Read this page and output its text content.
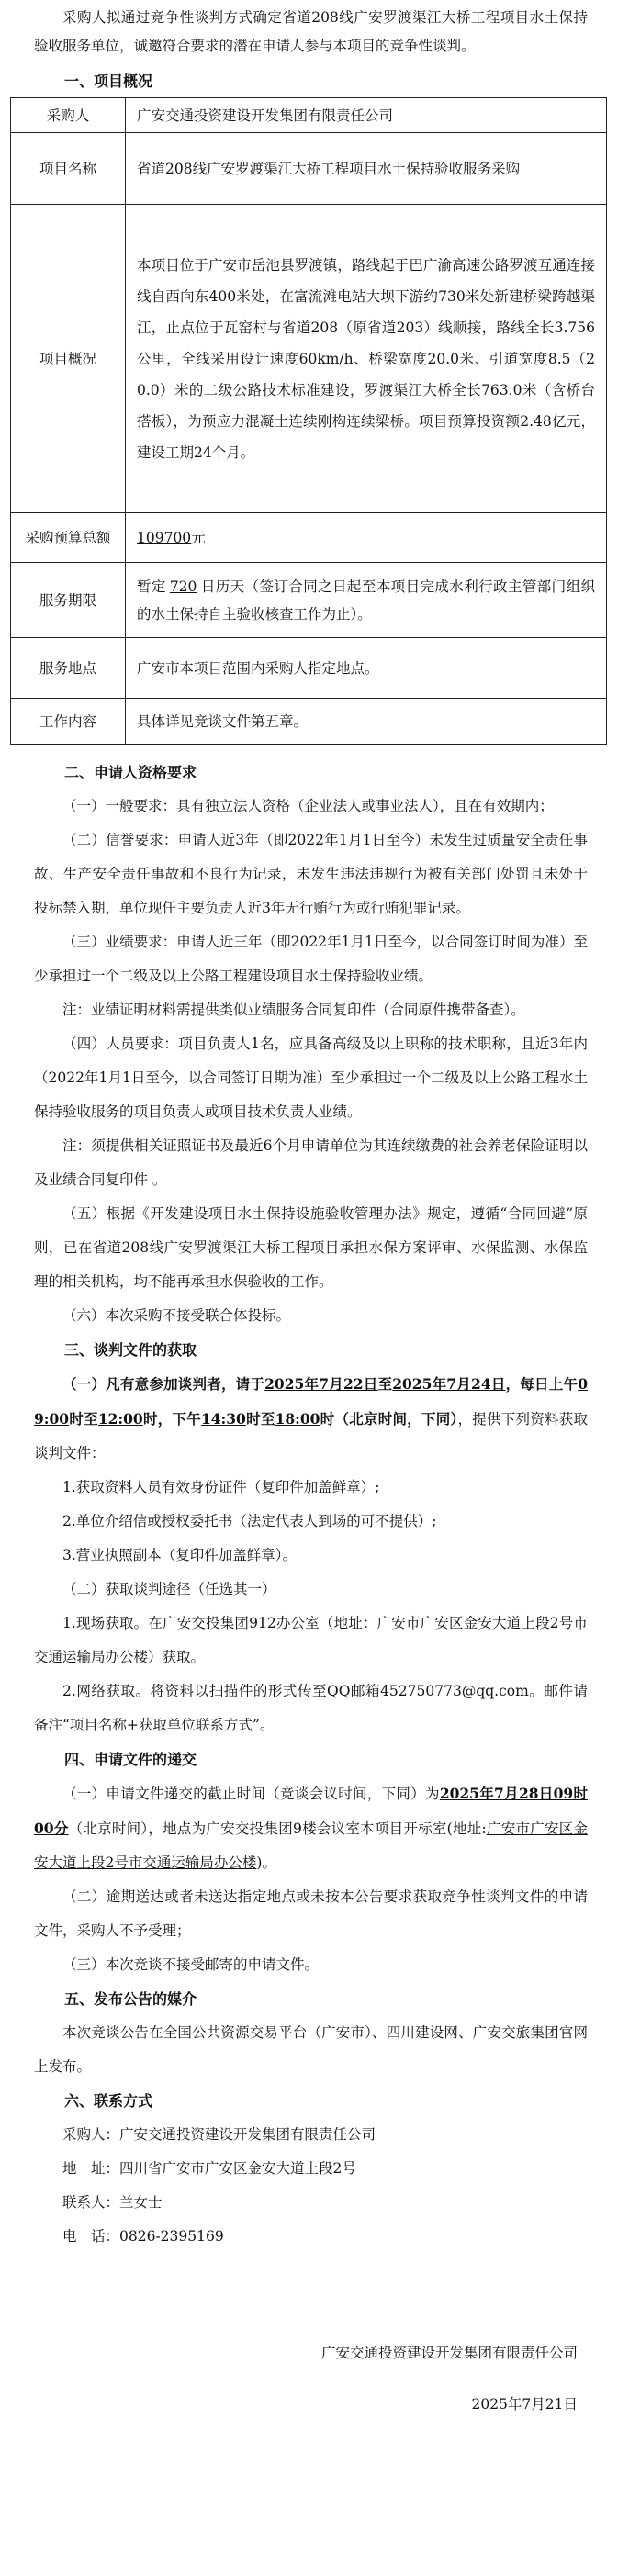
采购人拟通过竞争性谈判方式确定省道208线广安罗渡渠江大桥工程项目水土保持验收服务单位，诚邀符合要求的潜在申请人参与本项目的竞争性谈判。
一、项目概况
采购人	广安交通投资建设开发集团有限责任公司
项目名称	省道208线广安罗渡渠江大桥工程项目水土保持验收服务采购
项目概况	本项目位于广安市岳池县罗渡镇，路线起于巴广渝高速公路罗渡互通连接线自西向东400米处，在富流滩电站大坝下游约730米处新建桥梁跨越渠江，止点位于瓦窑村与省道208（原省道203）线顺接，路线全长3.756公里，全线采用设计速度60km/h、桥梁宽度20.0米、引道宽度8.5（20.0）米的二级公路技术标准建设，罗渡渠江大桥全长763.0米（含桥台搭板），为预应力混凝土连续刚构连续梁桥。项目预算投资额2.48亿元，建设工期24个月。
采购预算总额	109700元
服务期限	暂定 720 日历天（签订合同之日起至本项目完成水利行政主管部门组织的水土保持自主验收核查工作为止）。
服务地点	广安市本项目范围内采购人指定地点。
工作内容	具体详见竞谈文件第五章。
二、申请人资格要求
（一）一般要求：具有独立法人资格（企业法人或事业法人），且在有效期内；
（二）信誉要求：申请人近3年（即2022年1月1日至今）未发生过质量安全责任事故、生产安全责任事故和不良行为记录，未发生违法违规行为被有关部门处罚且未处于投标禁入期，单位现任主要负责人近3年无行贿行为或行贿犯罪记录。
（三）业绩要求：申请人近三年（即2022年1月1日至今，以合同签订时间为准）至少承担过一个二级及以上公路工程建设项目水土保持验收业绩。
注：业绩证明材料需提供类似业绩服务合同复印件（合同原件携带备查）。
（四）人员要求：项目负责人1名，应具备高级及以上职称的技术职称，且近3年内（2022年1月1日至今，以合同签订日期为准）至少承担过一个二级及以上公路工程水土保持验收服务的项目负责人或项目技术负责人业绩。
注：须提供相关证照证书及最近6个月申请单位为其连续缴费的社会养老保险证明以及业绩合同复印件 。
（五）根据《开发建设项目水土保持设施验收管理办法》规定，遵循“合同回避”原则，已在省道208线广安罗渡渠江大桥工程项目承担水保方案评审、水保监测、水保监理的相关机构，均不能再承担水保验收的工作。
（六）本次采购不接受联合体投标。
三、谈判文件的获取
（一）凡有意参加谈判者，请于2025年7月22日至2025年7月24日，每日上午09:00时至12:00时，下午14:30时至18:00时（北京时间，下同），提供下列资料获取谈判文件：
1.获取资料人员有效身份证件（复印件加盖鲜章）;
2.单位介绍信或授权委托书（法定代表人到场的可不提供）;
3.营业执照副本（复印件加盖鲜章）。
（二）获取谈判途径（任选其一）
1.现场获取。在广安交投集团912办公室（地址：广安市广安区金安大道上段2号市交通运输局办公楼）获取。
2.网络获取。将资料以扫描件的形式传至QQ邮箱452750773@qq.com。邮件请备注“项目名称+获取单位联系方式”。
四、申请文件的递交
（一）申请文件递交的截止时间（竞谈会议时间，下同）为2025年7月28日09时00分（北京时间），地点为广安交投集团9楼会议室本项目开标室(地址:广安市广安区金安大道上段2号市交通运输局办公楼)。
（二）逾期送达或者未送达指定地点或未按本公告要求获取竞争性谈判文件的申请文件，采购人不予受理；
（三）本次竞谈不接受邮寄的申请文件。
五、发布公告的媒介
本次竞谈公告在全国公共资源交易平台（广安市）、四川建设网、广安交旅集团官网上发布。
六、联系方式
采购人：广安交通投资建设开发集团有限责任公司
地　址：四川省广安市广安区金安大道上段2号
联系人：兰女士
电　话：0826-2395169
广安交通投资建设开发集团有限责任公司
2025年7月21日
